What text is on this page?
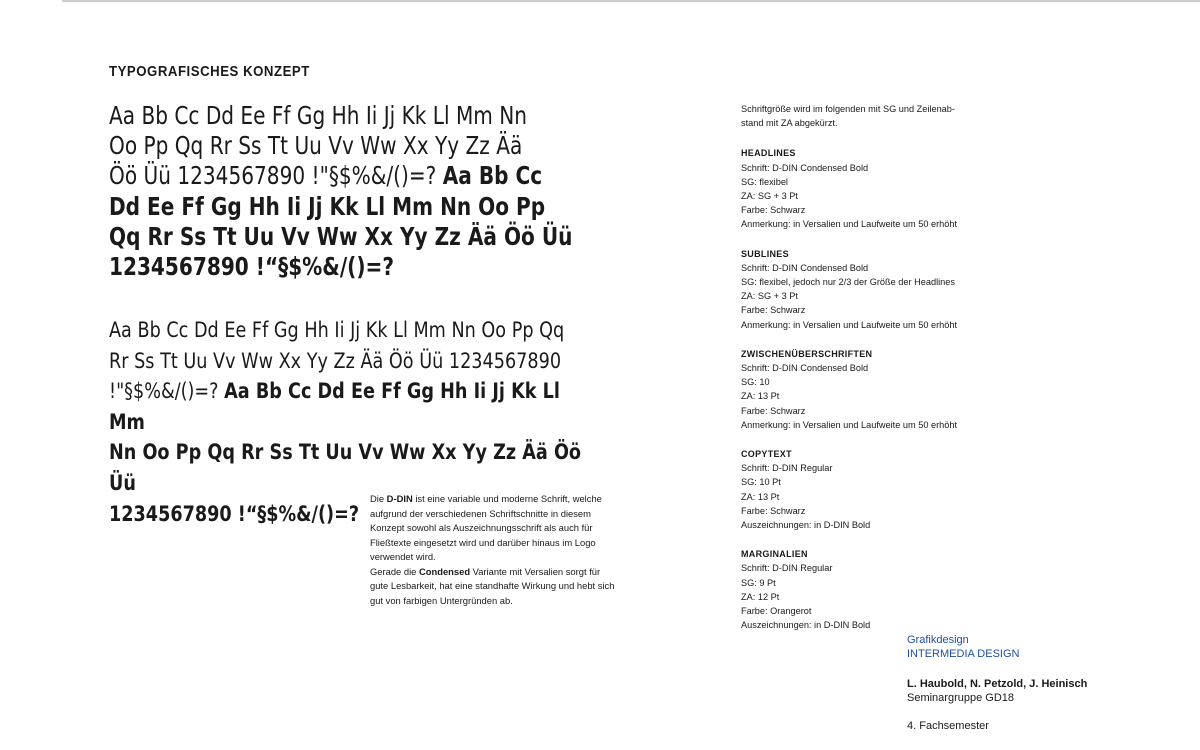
TYPOGRAFISCHES KONZEPT
Aa Bb Cc Dd Ee Ff Gg Hh Ii Jj Kk Ll Mm Nn
Oo Pp Qq Rr Ss Tt Uu Vv Ww Xx Yy Zz Ää
Öö Üü 1234567890 !"§$%&/()=? Aa Bb Cc
Dd Ee Ff Gg Hh Ii Jj Kk Ll Mm Nn Oo Pp
Qq Rr Ss Tt Uu Vv Ww Xx Yy Zz Ää Öö Üü
1234567890 !“§$%&/()=?
Aa Bb Cc Dd Ee Ff Gg Hh Ii Jj Kk Ll Mm Nn Oo Pp Qq
Rr Ss Tt Uu Vv Ww Xx Yy Zz Ää Öö Üü 1234567890
!"§$%&/()=? Aa Bb Cc Dd Ee Ff Gg Hh Ii Jj Kk Ll Mm
Nn Oo Pp Qq Rr Ss Tt Uu Vv Ww Xx Yy Zz Ää Öö Üü
1234567890 !“§$%&/()=?
Die D-DIN ist eine variable und moderne Schrift, welche aufgrund der verschiedenen Schriftschnitte in diesem Konzept sowohl als Auszeichnungsschrift als auch für Fließtexte eingesetzt wird und darüber hinaus im Logo verwendet wird.
Gerade die Condensed Variante mit Versalien sorgt für gute Lesbarkeit, hat eine standhafte Wirkung und hebt sich gut von farbigen Untergründen ab.
Schriftgröße wird im folgenden mit SG und Zeilenab-
stand mit ZA abgekürzt.
HEADLINES
Schrift: D-DIN Condensed Bold
SG: flexibel
ZA: SG + 3 Pt
Farbe: Schwarz
Anmerkung: in Versalien und Laufweite um 50 erhöht
SUBLINES
Schrift: D-DIN Condensed Bold
SG: flexibel, jedoch nur 2/3 der Größe der Headlines
ZA: SG + 3 Pt
Farbe: Schwarz
Anmerkung: in Versalien und Laufweite um 50 erhöht
ZWISCHENÜBERSCHRIFTEN
Schrift: D-DIN Condensed Bold
SG: 10
ZA: 13 Pt
Farbe: Schwarz
Anmerkung: in Versalien und Laufweite um 50 erhöht
COPYTEXT
Schrift: D-DIN Regular
SG: 10 Pt
ZA: 13 Pt
Farbe: Schwarz
Auszeichnungen: in D-DIN Bold
MARGINALIEN
Schrift: D-DIN Regular
SG: 9 Pt
ZA: 12 Pt
Farbe: Orangerot
Auszeichnungen: in D-DIN Bold
Grafikdesign
INTERMEDIA DESIGN
L. Haubold, N. Petzold, J. Heinisch
Seminargruppe GD18
4. Fachsemester
